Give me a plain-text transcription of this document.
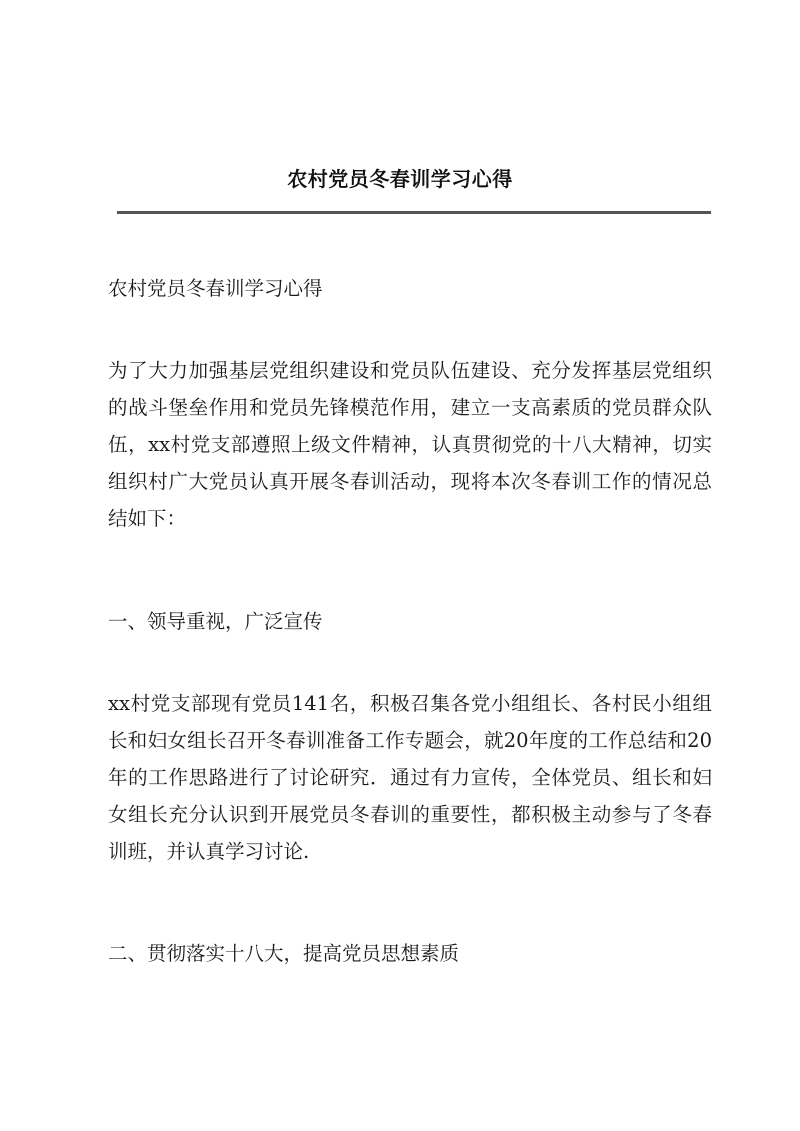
农村党员冬春训学习心得
农村党员冬春训学习心得

为了大力加强基层党组织建设和党员队伍建设、充分发挥基层党组织的战斗堡垒作用和党员先锋模范作用，建立一支高素质的党员群众队伍，xx村党支部遵照上级文件精神，认真贯彻党的十八大精神，切实组织村广大党员认真开展冬春训活动，现将本次冬春训工作的情况总结如下：

一、领导重视，广泛宣传

xx村党支部现有党员141名，积极召集各党小组组长、各村民小组组长和妇女组长召开冬春训准备工作专题会，就20年度的工作总结和20年的工作思路进行了讨论研究．通过有力宣传，全体党员、组长和妇女组长充分认识到开展党员冬春训的重要性，都积极主动参与了冬春训班，并认真学习讨论.

二、贯彻落实十八大，提高党员思想素质
